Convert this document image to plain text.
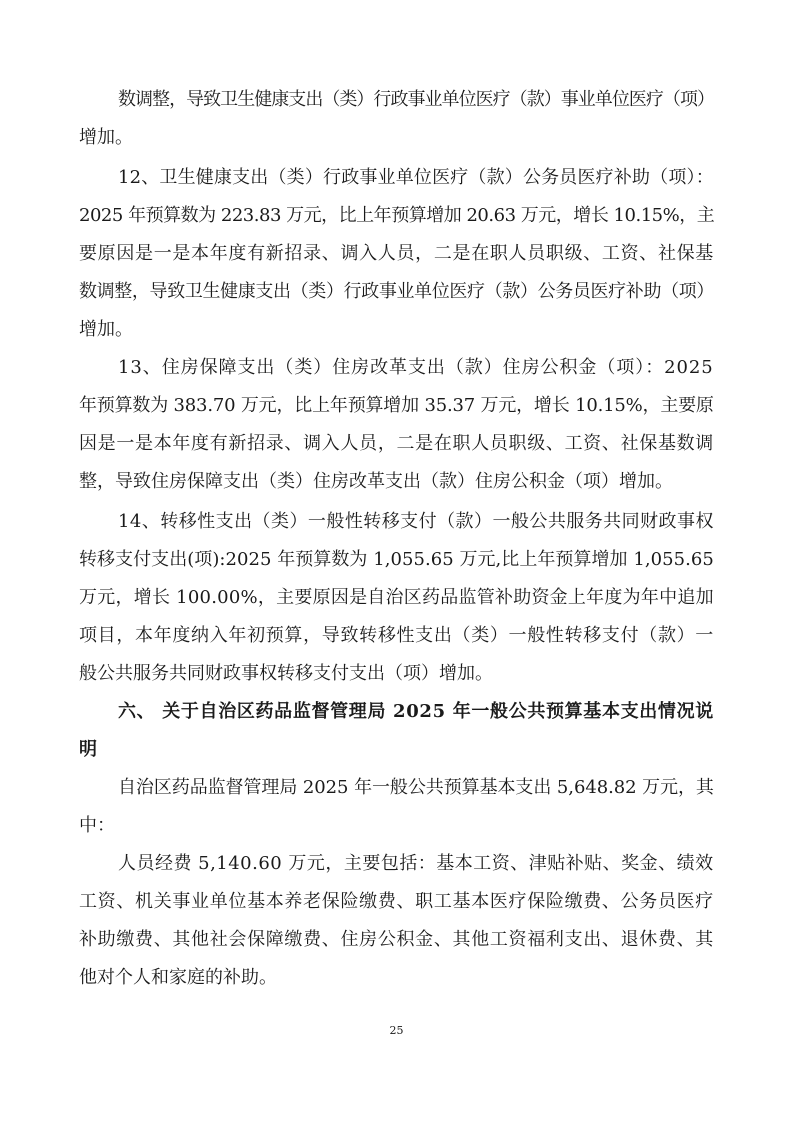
数调整，导致卫生健康支出（类）行政事业单位医疗（款）事业单位医疗（项）
增加。
12、卫生健康支出（类）行政事业单位医疗（款）公务员医疗补助（项）：
2025 年预算数为 223.83 万元，比上年预算增加 20.63 万元，增长 10.15%，主
要原因是一是本年度有新招录、调入人员，二是在职人员职级、工资、社保基
数调整，导致卫生健康支出（类）行政事业单位医疗（款）公务员医疗补助（项）
增加。
13、住房保障支出（类）住房改革支出（款）住房公积金（项）：2025
年预算数为 383.70 万元，比上年预算增加 35.37 万元，增长 10.15%，主要原
因是一是本年度有新招录、调入人员，二是在职人员职级、工资、社保基数调
整，导致住房保障支出（类）住房改革支出（款）住房公积金（项）增加。
14、转移性支出（类）一般性转移支付（款）一般公共服务共同财政事权
转移支付支出(项):2025 年预算数为 1,055.65 万元,比上年预算增加 1,055.65
万元，增长 100.00%，主要原因是自治区药品监管补助资金上年度为年中追加
项目，本年度纳入年初预算，导致转移性支出（类）一般性转移支付（款）一
般公共服务共同财政事权转移支付支出（项）增加。
六、 关于自治区药品监督管理局 2025 年一般公共预算基本支出情况说
明
自治区药品监督管理局 2025 年一般公共预算基本支出 5,648.82 万元，其
中：
人员经费 5,140.60 万元，主要包括：基本工资、津贴补贴、奖金、绩效
工资、机关事业单位基本养老保险缴费、职工基本医疗保险缴费、公务员医疗
补助缴费、其他社会保障缴费、住房公积金、其他工资福利支出、退休费、其
他对个人和家庭的补助。
25
